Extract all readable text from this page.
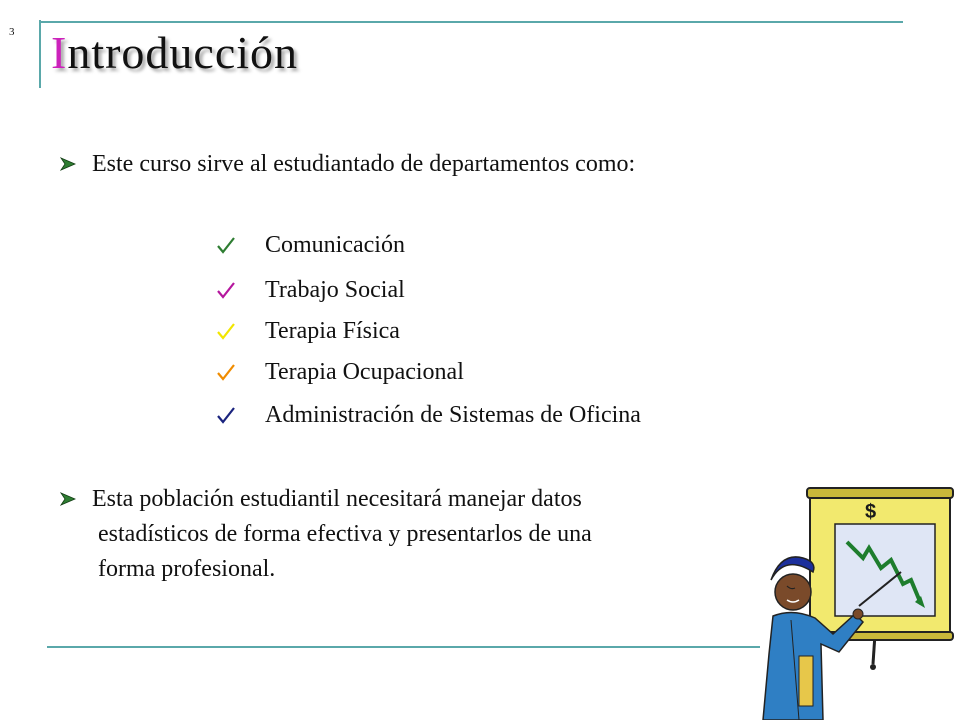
3 Introducción
Este curso sirve al estudiantado de departamentos como:
Comunicación
Trabajo Social
Terapia Física
Terapia Ocupacional
Administración de Sistemas de Oficina
Esta población estudiantil necesitará manejar datos
estadísticos de forma efectiva y presentarlos de una
forma profesional.
$
